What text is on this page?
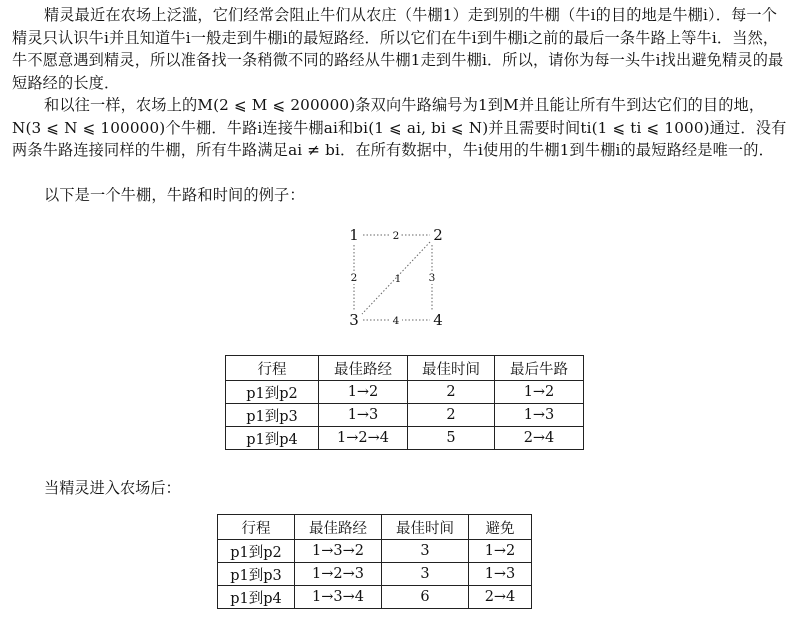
精灵最近在农场上泛滥，它们经常会阻止牛们从农庄（牛棚1）走到别的牛棚（牛i的目的地是牛棚i）．每一个精灵只认识牛i并且知道牛i一般走到牛棚i的最短路经．所以它们在牛i到牛棚i之前的最后一条牛路上等牛i．当然，牛不愿意遇到精灵，所以准备找一条稍微不同的路经从牛棚1走到牛棚i．所以，请你为每一头牛i找出避免精灵的最短路经的长度．

和以往一样，农场上的M(2 ⩽ M ⩽ 200000)条双向牛路编号为1到M并且能让所有牛到达它们的目的地，N(3 ⩽ N ⩽ 100000)个牛棚．牛路i连接牛棚ai和bi(1 ⩽ ai, bi ⩽ N)并且需要时间ti(1 ⩽ ti ⩽ 1000)通过．没有两条牛路连接同样的牛棚，所有牛路满足ai ≠ bi．在所有数据中，牛i使用的牛棚1到牛棚i的最短路经是唯一的．

以下是一个牛棚，牛路和时间的例子：

1	2
3	4
2
2	1	3
4
行程	最佳路经	最佳时间	最后牛路
p1到p2	1→2	2	1→2
p1到p3	1→3	2	1→3
p1到p4	1→2→4	5	2→4

当精灵进入农场后：

行程	最佳路经	最佳时间	避免
p1到p2	1→3→2	3	1→2
p1到p3	1→2→3	3	1→3
p1到p4	1→3→4	6	2→4
